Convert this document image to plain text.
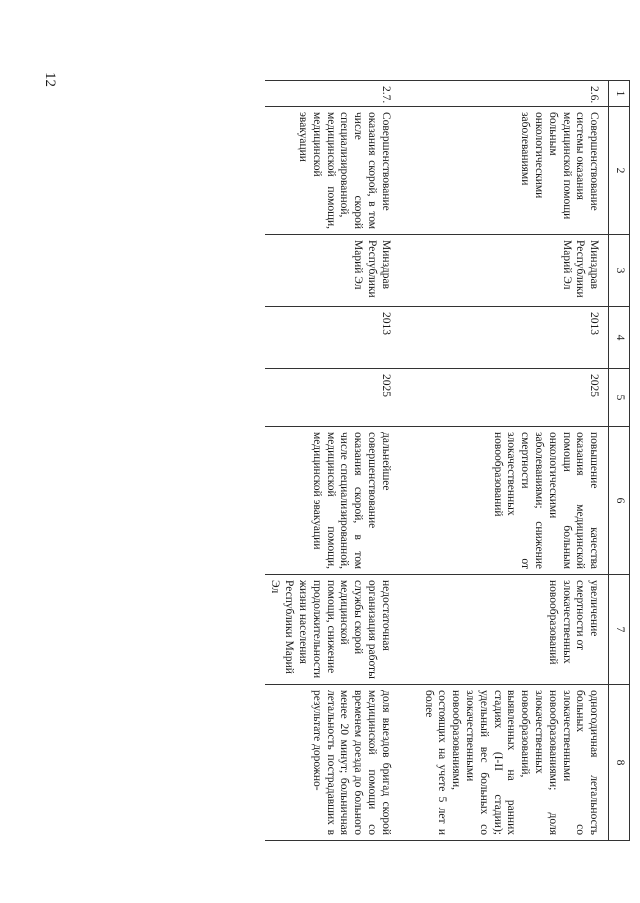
12
1	2	3	4	5	6	7	8
2.6.	Совершенствование системы оказания медицинской помощи больным онкологическими заболеваниями	Минздрав Республики Марий Эл	2013	2025	повышение качества оказания медицинской помощи больным онкологическими заболеваниями; снижение смертности от злокачественных новообразований	увеличение смертности от злокачественных новообразований	одногодичная летальность больных со злокачественными новообразованиями; доля злокачественных новообразований, выявленных на ранних стадиях (I-II стадии); удельный вес больных со злокачественными новообразованиями, состоящих на учете 5 лет и более
2.7.	Совершенствование оказания скорой, в том числе скорой специализированной, медицинской помощи, медицинской эвакуации	Минздрав Республики Марий Эл	2013	2025	дальнейшее совершенствование оказания скорой, в том числе специализированной, медицинской помощи, медицинской эвакуации	недостаточная организация работы службы скорой медицинской помощи, снижение продолжительности жизни населения Республики Марий Эл	доля выездов бригад скорой медицинской помощи со временем доезда до больного менее 20 минут; больничная летальность пострадавших в результате дорожно-
